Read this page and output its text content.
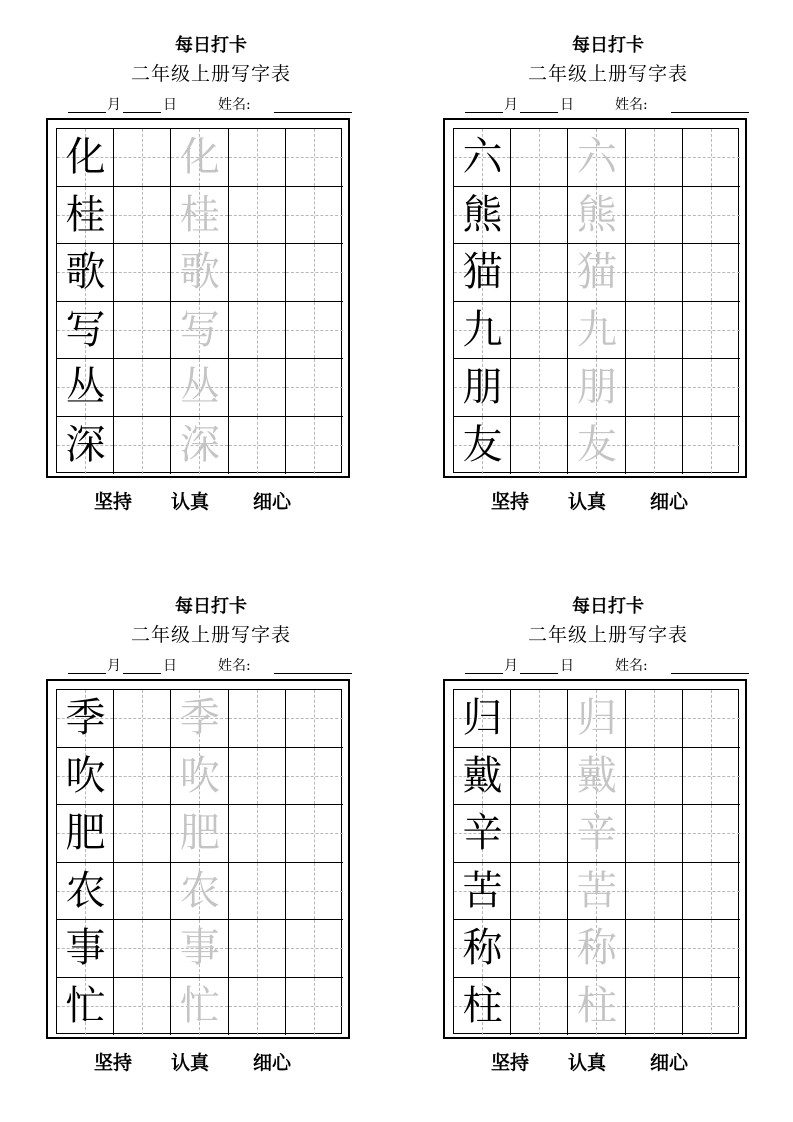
每日打卡
二年级上册写字表
月	日	姓名:
化 化
桂 桂
歌 歌
写 写
丛 丛
深 深
坚持 认真 细心
每日打卡
二年级上册写字表
月	日	姓名:
六 六
熊 熊
猫 猫
九 九
朋 朋
友 友
坚持 认真 细心
每日打卡
二年级上册写字表
月	日	姓名:
季 季
吹 吹
肥 肥
农 农
事 事
忙 忙
坚持 认真 细心
每日打卡
二年级上册写字表
月	日	姓名:
归 归
戴 戴
辛 辛
苦 苦
称 称
柱 柱
坚持 认真 细心
